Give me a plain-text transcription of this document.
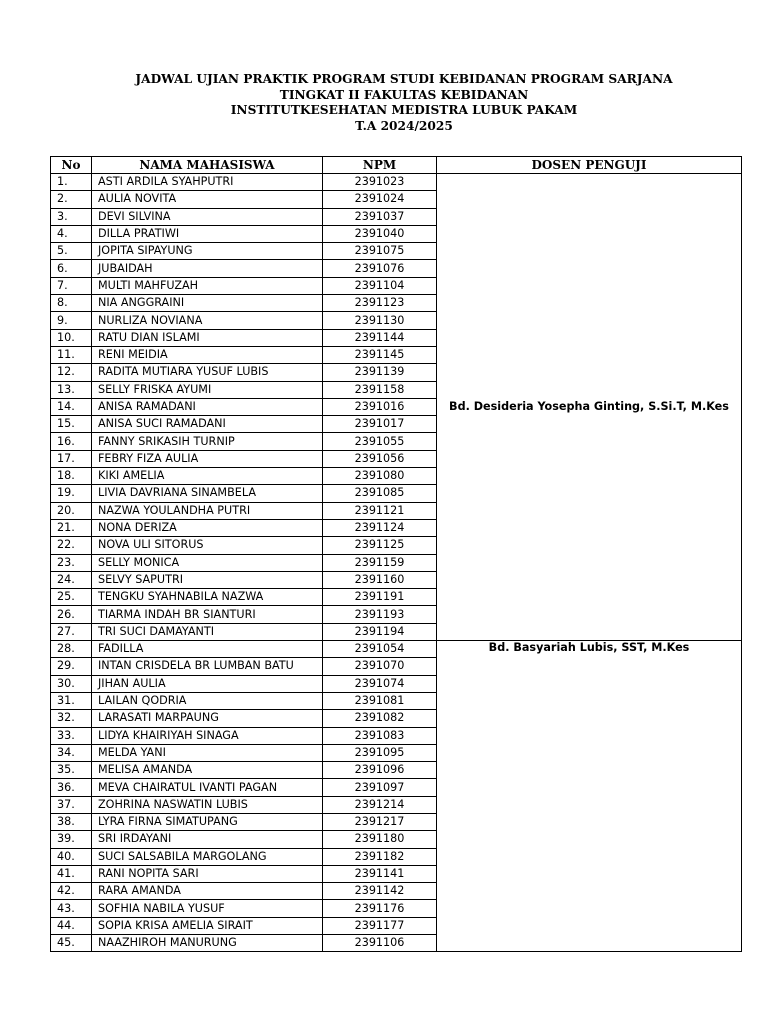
JADWAL UJIAN PRAKTIK PROGRAM STUDI KEBIDANAN PROGRAM SARJANA
TINGKAT II FAKULTAS KEBIDANAN
INSTITUTKESEHATAN MEDISTRA LUBUK PAKAM
T.A 2024/2025
No	NAMA MAHASISWA	NPM	DOSEN PENGUJI
1.	ASTI ARDILA SYAHPUTRI	2391023	Bd. Desideria Yosepha Ginting, S.Si.T, M.Kes
2.	AULIA NOVITA	2391024	
3.	DEVI SILVINA	2391037	
4.	DILLA PRATIWI	2391040	
5.	JOPITA SIPAYUNG	2391075	
6.	JUBAIDAH	2391076	
7.	MULTI MAHFUZAH	2391104	
8.	NIA ANGGRAINI	2391123	
9.	NURLIZA NOVIANA	2391130	
10.	RATU DIAN ISLAMI	2391144	
11.	RENI MEIDIA	2391145	
12.	RADITA MUTIARA YUSUF LUBIS	2391139	
13.	SELLY FRISKA AYUMI	2391158	
14.	ANISA RAMADANI	2391016	
15.	ANISA SUCI RAMADANI	2391017	
16.	FANNY SRIKASIH TURNIP	2391055	
17.	FEBRY FIZA AULIA	2391056	
18.	KIKI AMELIA	2391080	
19.	LIVIA DAVRIANA SINAMBELA	2391085	
20.	NAZWA YOULANDHA PUTRI	2391121	
21.	NONA DERIZA	2391124	
22.	NOVA ULI SITORUS	2391125	
23.	SELLY MONICA	2391159	
24.	SELVY SAPUTRI	2391160	
25.	TENGKU SYAHNABILA NAZWA	2391191	
26.	TIARMA INDAH BR SIANTURI	2391193	
27.	TRI SUCI DAMAYANTI	2391194	
28.	FADILLA	2391054	Bd. Basyariah Lubis, SST, M.Kes
29.	INTAN CRISDELA BR LUMBAN BATU	2391070	
30.	JIHAN AULIA	2391074	
31.	LAILAN QODRIA	2391081	
32.	LARASATI MARPAUNG	2391082	
33.	LIDYA KHAIRIYAH SINAGA	2391083	
34.	MELDA YANI	2391095	
35.	MELISA AMANDA	2391096	
36.	MEVA CHAIRATUL IVANTI PAGAN	2391097	
37.	ZOHRINA NASWATIN LUBIS	2391214	
38.	LYRA FIRNA SIMATUPANG	2391217	
39.	SRI IRDAYANI	2391180	
40.	SUCI SALSABILA MARGOLANG	2391182	
41.	RANI NOPITA SARI	2391141	
42.	RARA AMANDA	2391142	
43.	SOFHIA NABILA YUSUF	2391176	
44.	SOPIA KRISA AMELIA SIRAIT	2391177	
45.	NAAZHIROH MANURUNG	2391106	
